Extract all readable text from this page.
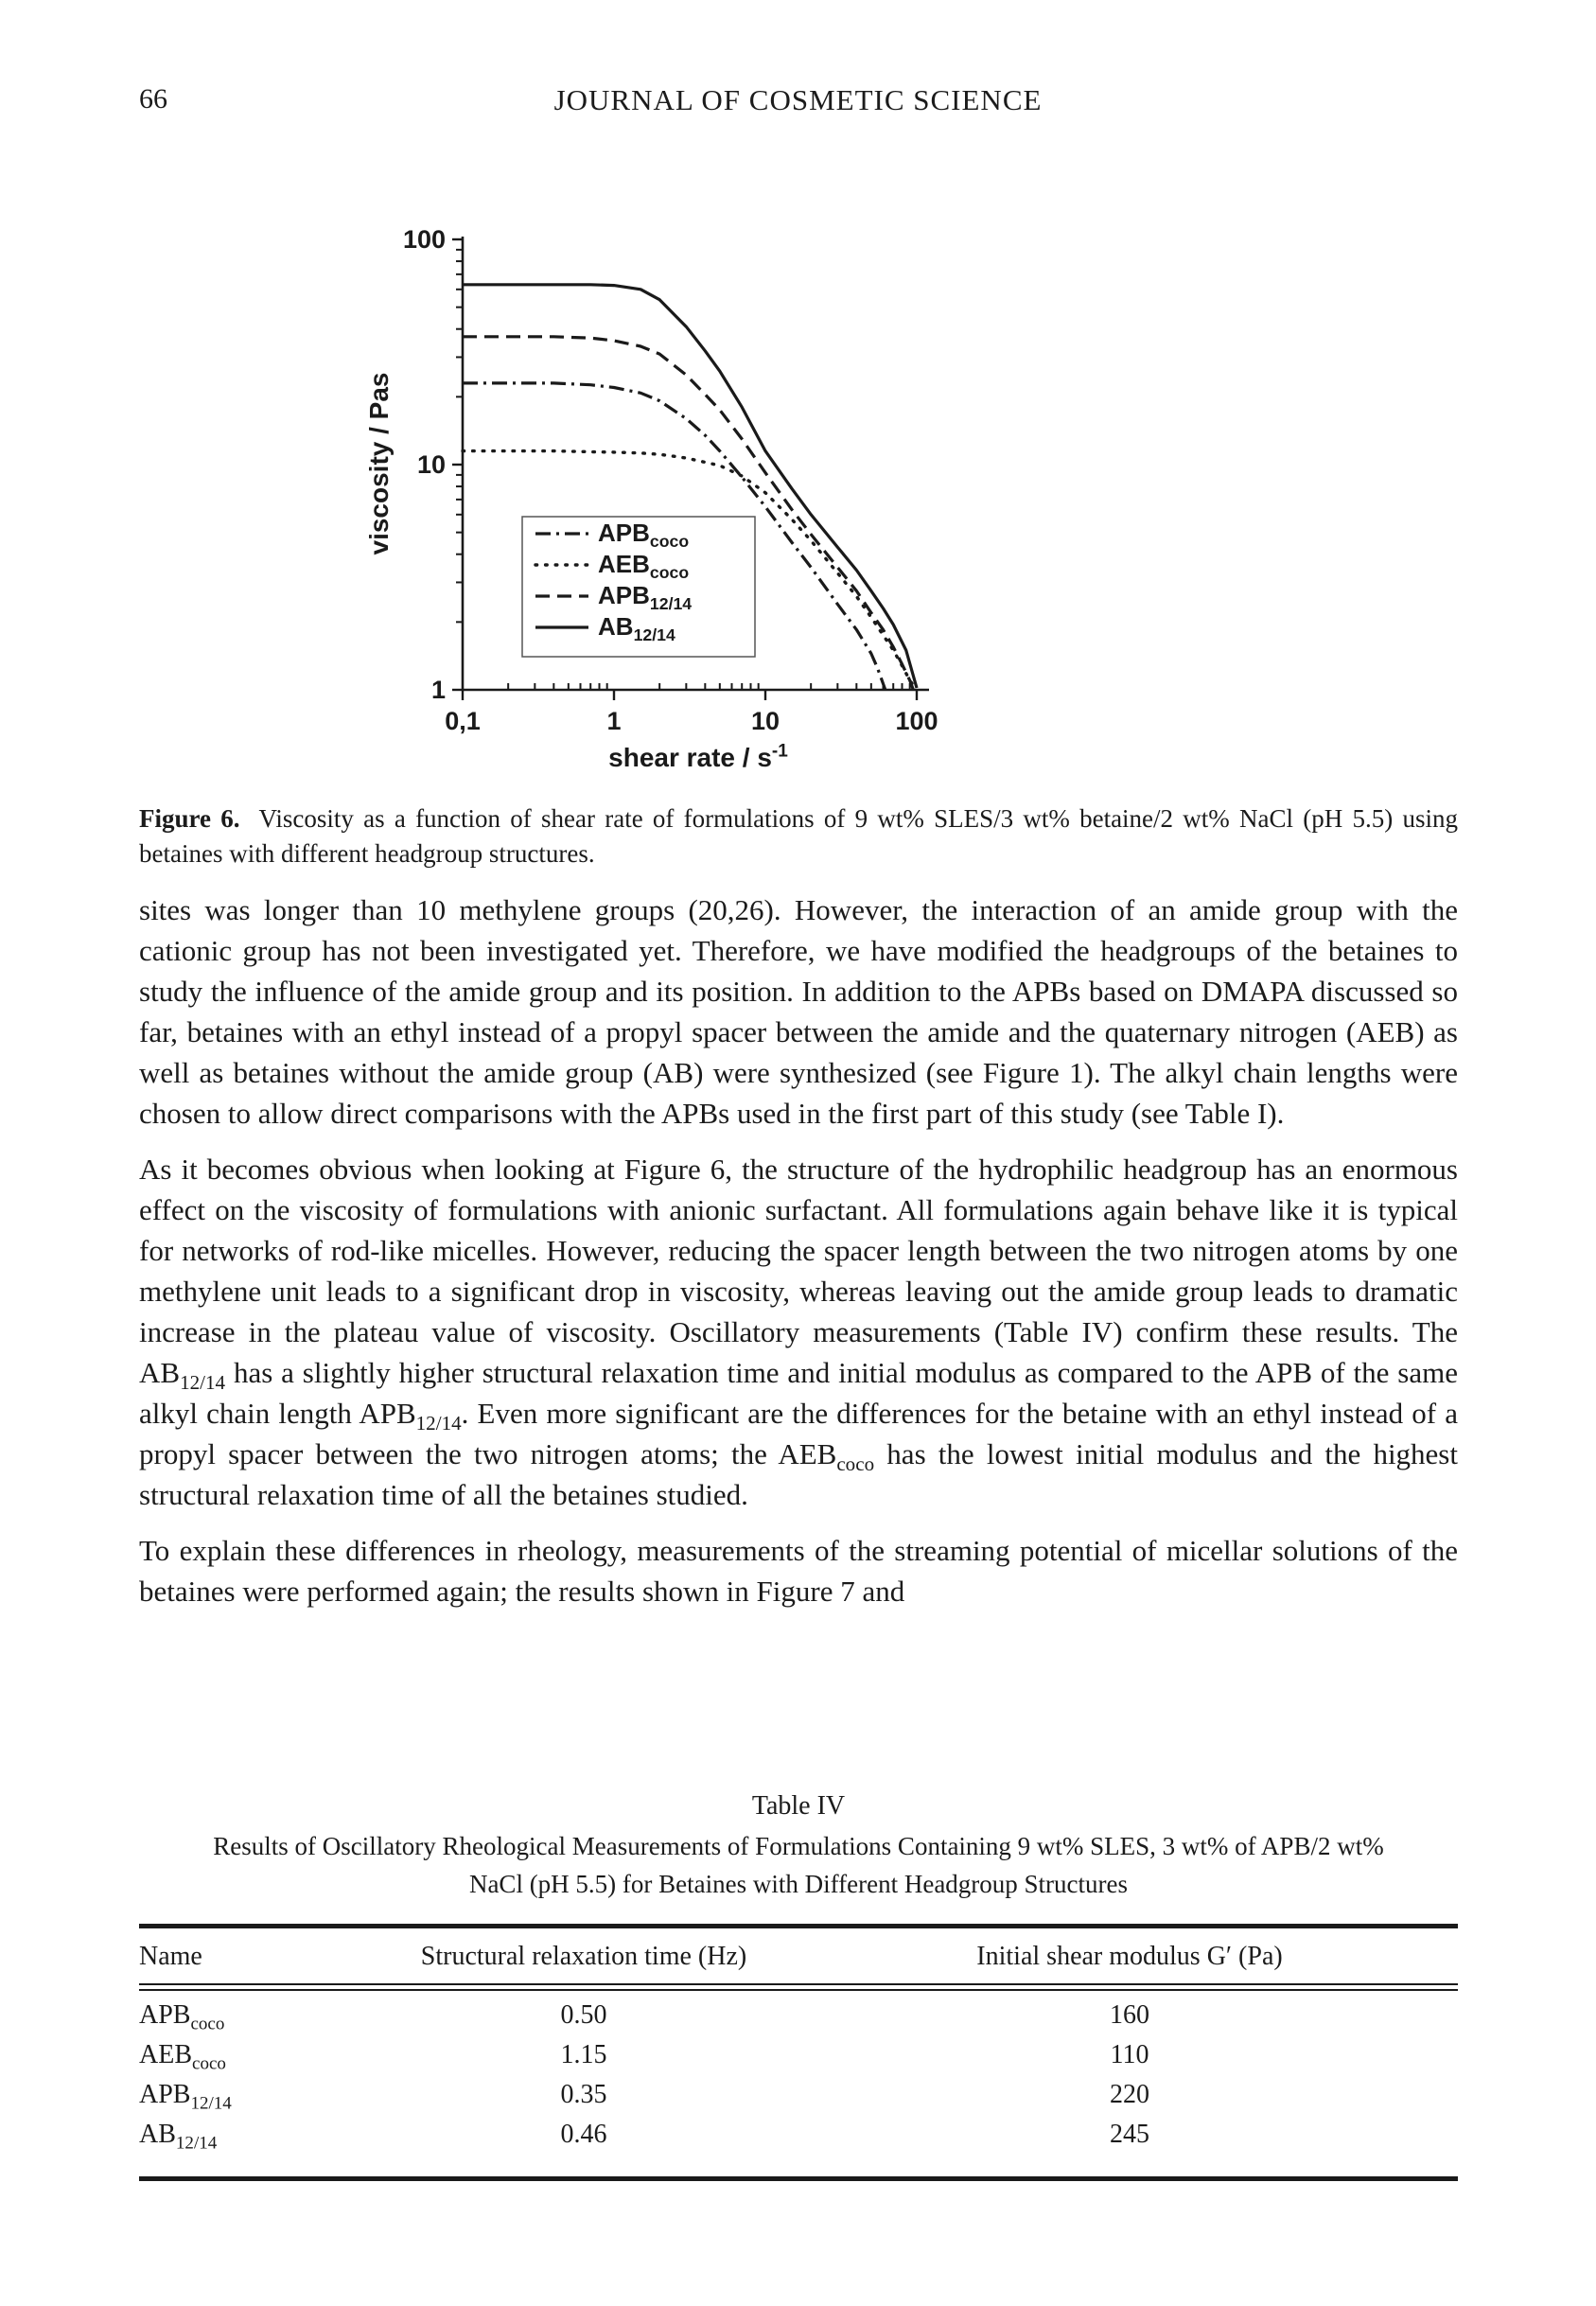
66	JOURNAL OF COSMETIC SCIENCE
0,1	1	10	100
1
10
100
shear rate / $s^{-1}$
viscosity / Pas	$APB_{coco}$
$AEB_{coco}$
$APB_{12/14}$
$AB_{12/14}$

Figure 6. Viscosity as a function of shear rate of formulations of 9 wt% SLES/3 wt% betaine/2 wt% NaCl (pH 5.5) using betaines with different headgroup structures.

sites was longer than 10 methylene groups (20,26). However, the interaction of an amide group with the cationic group has not been investigated yet. Therefore, we have modified the headgroups of the betaines to study the influence of the amide group and its position. In addition to the APBs based on DMAPA discussed so far, betaines with an ethyl instead of a propyl spacer between the amide and the quaternary nitrogen (AEB) as well as betaines without the amide group (AB) were synthesized (see Figure 1). The alkyl chain lengths were chosen to allow direct comparisons with the APBs used in the first part of this study (see Table I).

As it becomes obvious when looking at Figure 6, the structure of the hydrophilic headgroup has an enormous effect on the viscosity of formulations with anionic surfactant. All formulations again behave like it is typical for networks of rod-like micelles. However, reducing the spacer length between the two nitrogen atoms by one methylene unit leads to a significant drop in viscosity, whereas leaving out the amide group leads to dramatic increase in the plateau value of viscosity. Oscillatory measurements (Table IV) confirm these results. The $AB_{12/14}$ has a slightly higher structural relaxation time and initial modulus as compared to the APB of the same alkyl chain length $APB_{12/14}$. Even more significant are the differences for the betaine with an ethyl instead of a propyl spacer between the two nitrogen atoms; the $AEB_{coco}$ has the lowest initial modulus and the highest structural relaxation time of all the betaines studied.

To explain these differences in rheology, measurements of the streaming potential of micellar solutions of the betaines were performed again; the results shown in Figure 7 and

Table IV

Results of Oscillatory Rheological Measurements of Formulations Containing 9 wt% SLES, 3 wt% of APB/2 wt% NaCl (pH 5.5) for Betaines with Different Headgroup Structures

Name	Structural relaxation time (Hz)	Initial shear modulus G′ (Pa)
$APB_{coco}$	0.50	160
$AEB_{coco}$	1.15	110
$APB_{12/14}$	0.35	220
$AB_{12/14}$	0.46	245
